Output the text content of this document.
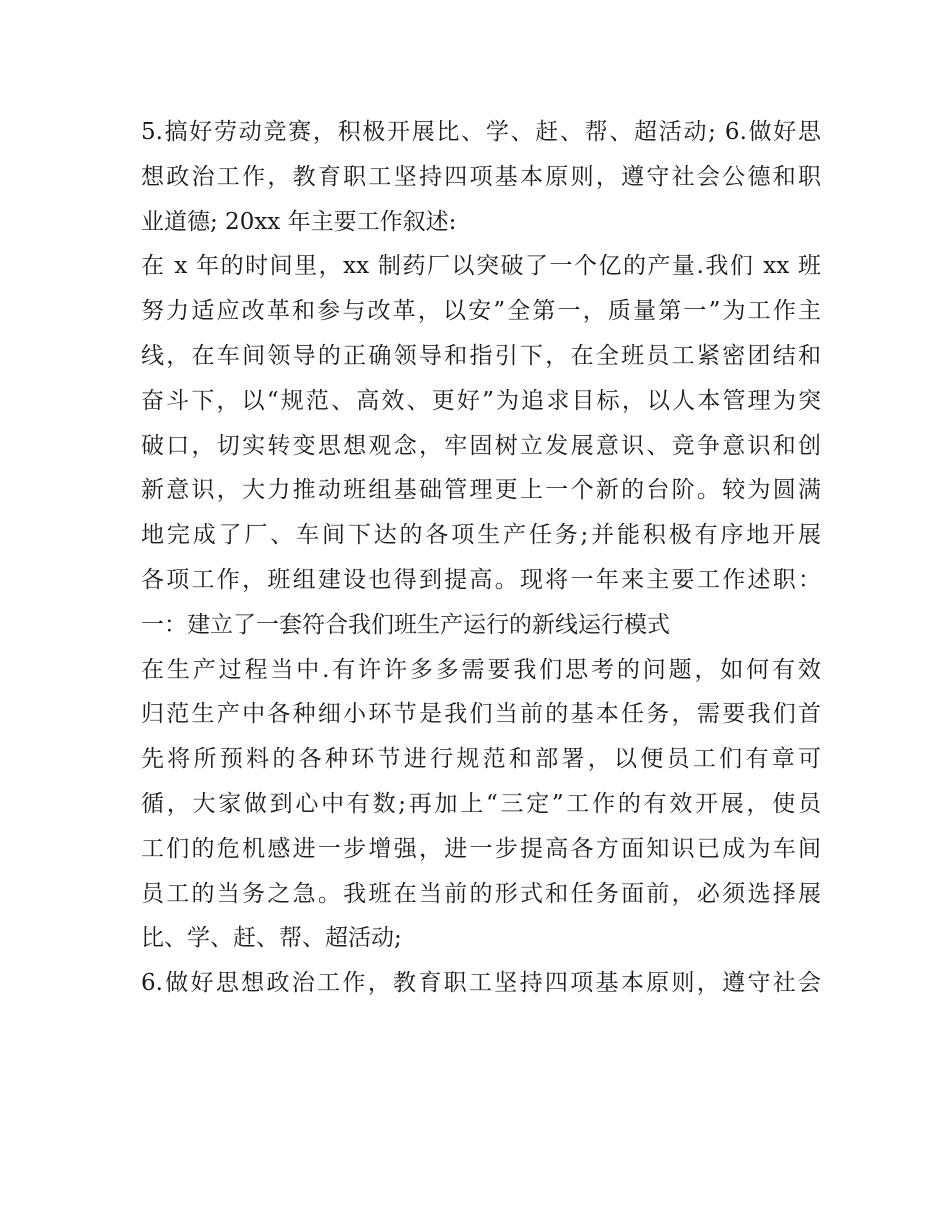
5.搞好劳动竞赛，积极开展比、学、赶、帮、超活动; 6.做好思
想政治工作，教育职工坚持四项基本原则，遵守社会公德和职
业道德; 20xx 年主要工作叙述:
在 x 年的时间里，xx 制药厂以突破了一个亿的产量.我们 xx 班
努力适应改革和参与改革，以安”全第一，质量第一”为工作主
线，在车间领导的正确领导和指引下，在全班员工紧密团结和
奋斗下，以“规范、高效、更好”为追求目标，以人本管理为突
破口，切实转变思想观念，牢固树立发展意识、竞争意识和创
新意识，大力推动班组基础管理更上一个新的台阶。较为圆满
地完成了厂、车间下达的各项生产任务;并能积极有序地开展
各项工作，班组建设也得到提高。现将一年来主要工作述职：
一：建立了一套符合我们班生产运行的新线运行模式
在生产过程当中.有许许多多需要我们思考的问题，如何有效
归范生产中各种细小环节是我们当前的基本任务，需要我们首
先将所预料的各种环节进行规范和部署，以便员工们有章可
循，大家做到心中有数;再加上“三定”工作的有效开展，使员
工们的危机感进一步增强，进一步提高各方面知识已成为车间
员工的当务之急。我班在当前的形式和任务面前，必须选择展
比、学、赶、帮、超活动;
6.做好思想政治工作，教育职工坚持四项基本原则，遵守社会
